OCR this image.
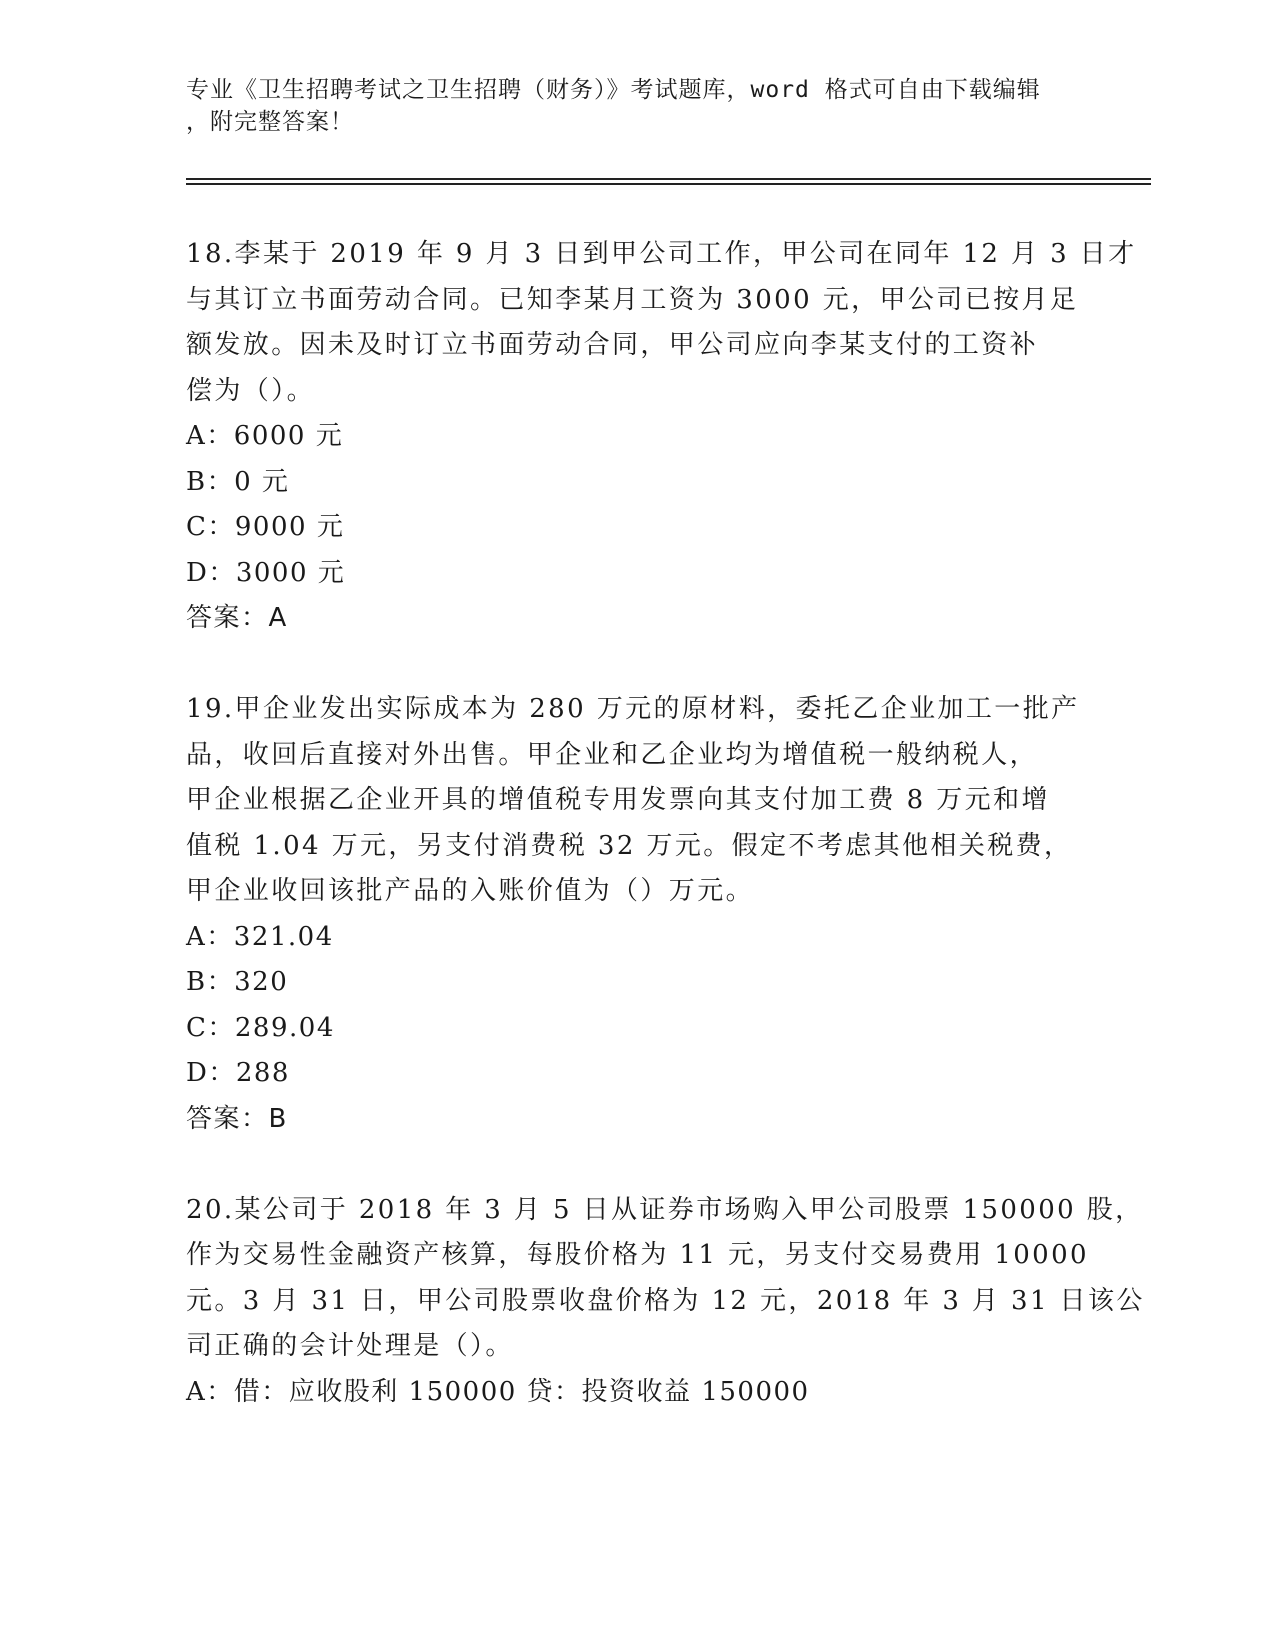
专业《卫生招聘考试之卫生招聘（财务）》考试题库，word 格式可自由下载编辑
，附完整答案！
18.李某于 2019 年 9 月 3 日到甲公司工作，甲公司在同年 12 月 3 日才
与其订立书面劳动合同。已知李某月工资为 3000 元，甲公司已按月足
额发放。因未及时订立书面劳动合同，甲公司应向李某支付的工资补
偿为（）。
A：6000 元
B：0 元
C：9000 元
D：3000 元
答案：A
19.甲企业发出实际成本为 280 万元的原材料，委托乙企业加工一批产
品，收回后直接对外出售。甲企业和乙企业均为增值税一般纳税人，
甲企业根据乙企业开具的增值税专用发票向其支付加工费 8 万元和增
值税 1.04 万元，另支付消费税 32 万元。假定不考虑其他相关税费，
甲企业收回该批产品的入账价值为（）万元。
A：321.04
B：320
C：289.04
D：288
答案：B
20.某公司于 2018 年 3 月 5 日从证券市场购入甲公司股票 150000 股，
作为交易性金融资产核算，每股价格为 11 元，另支付交易费用 10000
元。3 月 31 日，甲公司股票收盘价格为 12 元，2018 年 3 月 31 日该公
司正确的会计处理是（）。
A：借：应收股利 150000 贷：投资收益 150000
